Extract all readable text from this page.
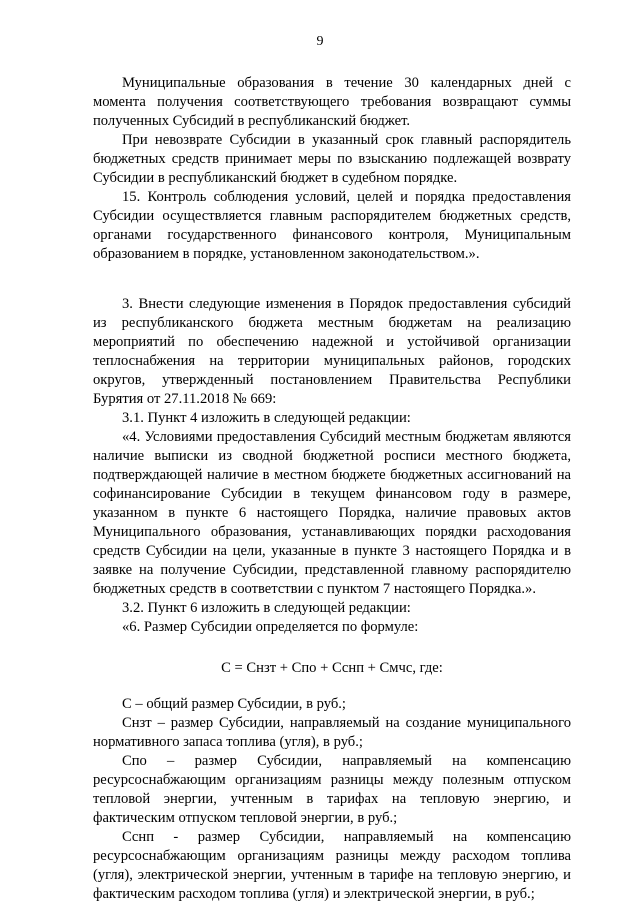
9

Муниципальные образования в течение 30 календарных дней с момента получения соответствующего требования возвращают суммы полученных Субсидий в республиканский бюджет.

При невозврате Субсидии в указанный срок главный распорядитель бюджетных средств принимает меры по взысканию подлежащей возврату Субсидии в республиканский бюджет в судебном порядке.

15. Контроль соблюдения условий, целей и порядка предоставления Субсидии осуществляется главным распорядителем бюджетных средств, органами государственного финансового контроля, Муниципальным образованием в порядке, установленном законодательством.».

3. Внести следующие изменения в Порядок предоставления субсидий из республиканского бюджета местным бюджетам на реализацию мероприятий по обеспечению надежной и устойчивой организации теплоснабжения на территории муниципальных районов, городских округов, утвержденный постановлением Правительства Республики Бурятия от 27.11.2018 № 669:

3.1. Пункт 4 изложить в следующей редакции:

«4. Условиями предоставления Субсидий местным бюджетам являются наличие выписки из сводной бюджетной росписи местного бюджета, подтверждающей наличие в местном бюджете бюджетных ассигнований на софинансирование Субсидии в текущем финансовом году в размере, указанном в пункте 6 настоящего Порядка, наличие правовых актов Муниципального образования, устанавливающих порядки расходования средств Субсидии на цели, указанные в пункте 3 настоящего Порядка и в заявке на получение Субсидии, представленной главному распорядителю бюджетных средств в соответствии с пунктом 7 настоящего Порядка.».

3.2. Пункт 6 изложить в следующей редакции:

«6. Размер Субсидии определяется по формуле:

С = Снзт + Спо + Сснп + Смчс, где:

С – общий размер Субсидии, в руб.;

Снзт – размер Субсидии, направляемый на создание муниципального нормативного запаса топлива (угля), в руб.;

Спо – размер Субсидии, направляемый на компенсацию ресурсоснабжающим организациям разницы между полезным отпуском тепловой энергии, учтенным в тарифах на тепловую энергию, и фактическим отпуском тепловой энергии, в руб.;

Сснп - размер Субсидии, направляемый на компенсацию ресурсоснабжающим организациям разницы между расходом топлива (угля), электрической энергии, учтенным в тарифе на тепловую энергию, и фактическим расходом топлива (угля) и электрической энергии, в руб.;
